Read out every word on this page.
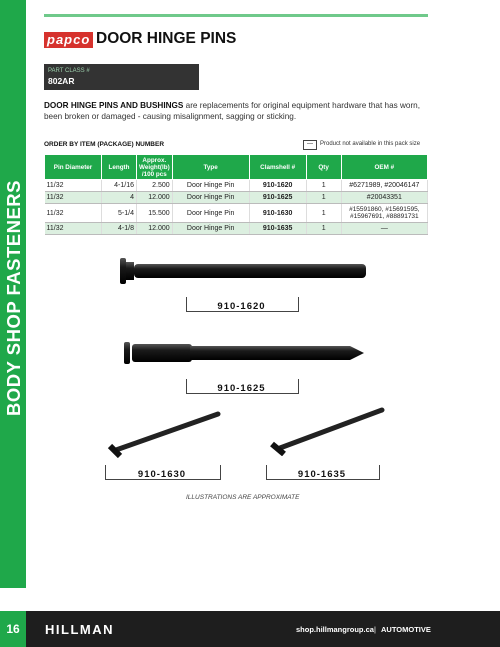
BODY SHOP FASTENERS
papco DOOR HINGE PINS
PART CLASS #
802AR
DOOR HINGE PINS AND BUSHINGS are replacements for original equipment hardware that has worn, been broken or damaged - causing misalignment, sagging or sticking.
ORDER BY ITEM (PACKAGE) NUMBER	—	Product not available in this pack size
Pin Diameter	Length	Approx. Weight(lb) /100 pcs	Type	Clamshell #	Qty	OEM #
11/32	4-1/16	2.500	Door Hinge Pin	910-1620	1	#6271989, #20046147
11/32	4	12.000	Door Hinge Pin	910-1625	1	#20043351
11/32	5-1/4	15.500	Door Hinge Pin	910-1630	1	#15591860, #15691595, #15967691, #88891731
11/32	4-1/8	12.000	Door Hinge Pin	910-1635	1	—
910-1620
910-1625
910-1630	910-1635
ILLUSTRATIONS ARE APPROXIMATE
16	HILLMAN	shop.hillmangroup.ca | AUTOMOTIVE
